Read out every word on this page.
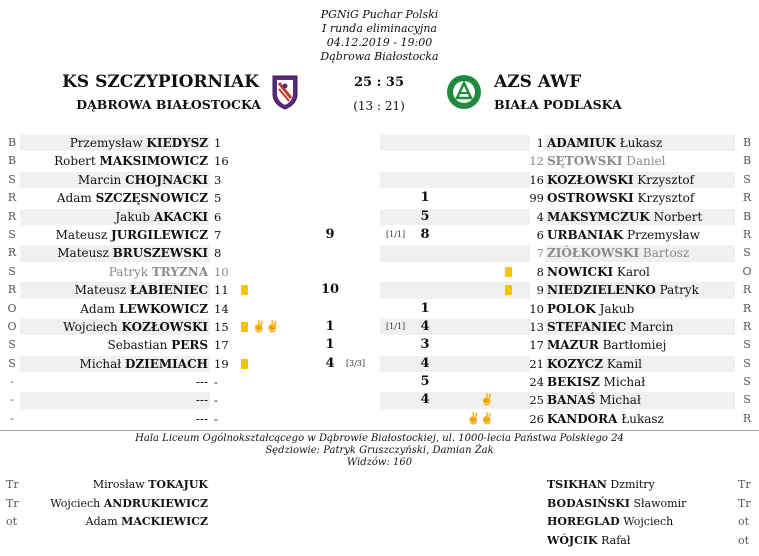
PGNiG Puchar Polski
I runda eliminacyjna
04.12.2019 - 19:00
Dąbrowa Białostocka
KS SZCZYPIORNIAK
DĄBROWA BIAŁOSTOCKA
25 : 35
(13 : 21)
AZS AWF
BIAŁA PODLASKA
B	Przemysław KIEDYSZ 1	1 ADAMIUK Łukasz	B
B	Robert MAKSIMOWICZ 16	12 SĘTOWSKI Daniel	B
S	Marcin CHOJNACKI 3	16 KOZŁOWSKI Krzysztof	S
R	Adam SZCZĘSNOWICZ 5	1	99 OSTROWSKI Krzysztof	R
R	Jakub AKACKI 6	5	4 MAKSYMCZUK Norbert	B
S	Mateusz JURGILEWICZ 7	9	[1/1]	8	6 URBANIAK Przemysław	R
R	Mateusz BRUSZEWSKI 8	7 ZIÓŁKOWSKI Bartosz	S
S	Patryk TRYZNA 10	8 NOWICKI Karol	O
R	Mateusz ŁABIENIEC 11	10	9 NIEDZIELENKO Patryk	R
O	Adam LEWKOWICZ 14	1	10 POLOK Jakub	R
O	Wojciech KOZŁOWSKI 15	✌✌	1	[1/1]	4	13 STEFANIEC Marcin	R
S	Sebastian PERS 17	1	3	17 MAZUR Bartłomiej	S
S	Michał DZIEMIACH 19	4	[3/3]	4	21 KOZYCZ Kamil	S
-	--- -	5	24 BEKISZ Michał	S
-	--- -	4	✌	25 BANAŚ Michał	S
-	--- -	✌✌	26 KANDORA Łukasz	R
Hala Liceum Ogólnokształcącego w Dąbrowie Białostockiej, ul. 1000-lecia Państwa Polskiego 24
Sędziowie: Patryk Gruszczyński, Damian Żak
Widzów: 160
Tr	Mirosław TOKAJUK
Tr	Wojciech ANDRUKIEWICZ
ot	Adam MACKIEWICZ
TSIKHAN Dzmitry	Tr
BODASIŃSKI Sławomir	Tr
HOREGLAD Wojciech	ot
WÓJCIK Rafał	ot
